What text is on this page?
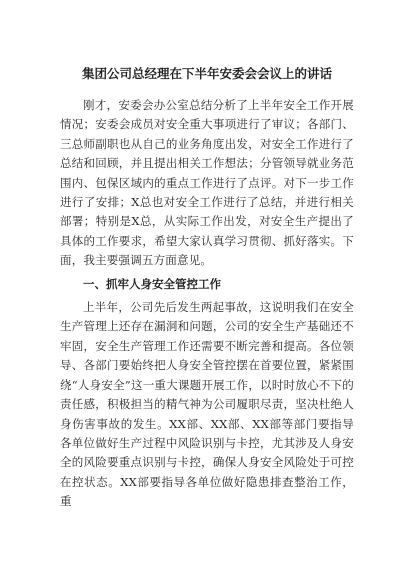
集团公司总经理在下半年安委会会议上的讲话

刚才，安委会办公室总结分析了上半年安全工作开展情况；安委会成员对安全重大事项进行了审议；各部门、三总师副职也从自己的业务角度出发，对安全工作进行了总结和回顾，并且提出相关工作想法；分管领导就业务范围内、包保区域内的重点工作进行了点评。对下一步工作进行了安排；X总也对安全工作进行了总结，并进行相关部署；特别是X总，从实际工作出发，对安全生产提出了具体的工作要求，希望大家认真学习贯彻、抓好落实。下面，我主要强调五方面意见。

一、抓牢人身安全管控工作

上半年，公司先后发生两起事故，这说明我们在安全生产管理上还存在漏洞和问题，公司的安全生产基础还不牢固，安全生产管理工作还需要不断完善和提高。各位领导、各部门要始终把人身安全管控摆在首要位置，紧紧围绕“人身安全”这一重大课题开展工作，以时时放心不下的责任感，积极担当的精气神为公司履职尽责，坚决杜绝人身伤害事故的发生。XX部、XX部、XX部等部门要指导各单位做好生产过程中风险识别与卡控，尤其涉及人身安全的风险要重点识别与卡控，确保人身安全风险处于可控在控状态。XX部要指导各单位做好隐患排查整治工作，重
